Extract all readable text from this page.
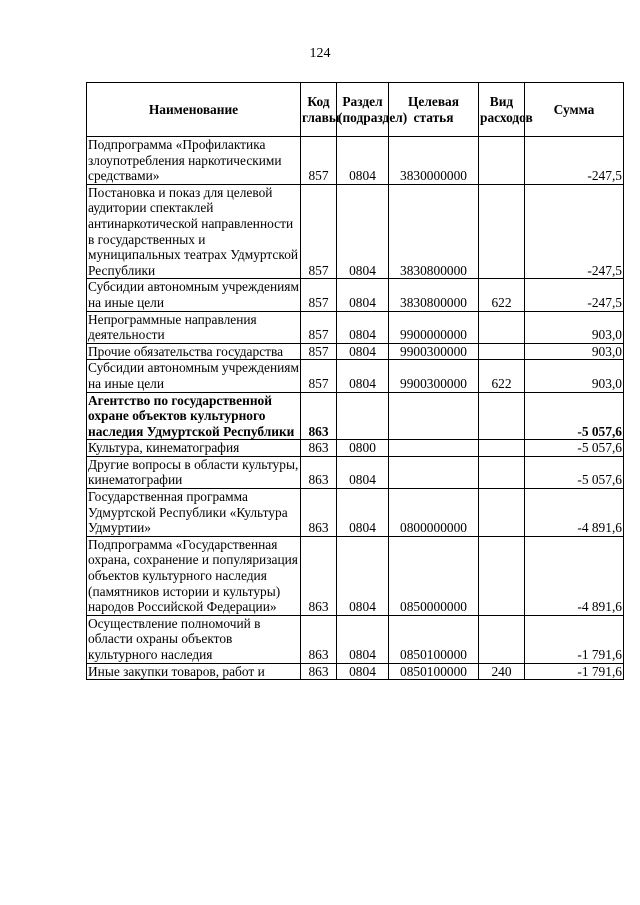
124
Наименование	Код главы	Раздел (подраздел)	Целевая статья	Вид расходов	Сумма
Подпрограмма «Профилактика злоупотребления наркотическими средствами»	857	0804	3830000000		-247,5
Постановка и показ для целевой аудитории спектаклей антинаркотической направленности в государственных и муниципальных театрах Удмуртской Республики	857	0804	3830800000		-247,5
Субсидии автономным учреждениям на иные цели	857	0804	3830800000	622	-247,5
Непрограммные направления деятельности	857	0804	9900000000		903,0
Прочие обязательства государства	857	0804	9900300000		903,0
Субсидии автономным учреждениям на иные цели	857	0804	9900300000	622	903,0
Агентство по государственной охране объектов культурного наследия Удмуртской Республики	863				-5 057,6
Культура, кинематография	863	0800			-5 057,6
Другие вопросы в области культуры, кинематографии	863	0804			-5 057,6
Государственная программа Удмуртской Республики «Культура Удмуртии»	863	0804	0800000000		-4 891,6
Подпрограмма «Государственная охрана, сохранение и популяризация объектов культурного наследия (памятников истории и культуры) народов Российской Федерации»	863	0804	0850000000		-4 891,6
Осуществление полномочий в области охраны объектов культурного наследия	863	0804	0850100000		-1 791,6
Иные закупки товаров, работ и	863	0804	0850100000	240	-1 791,6
